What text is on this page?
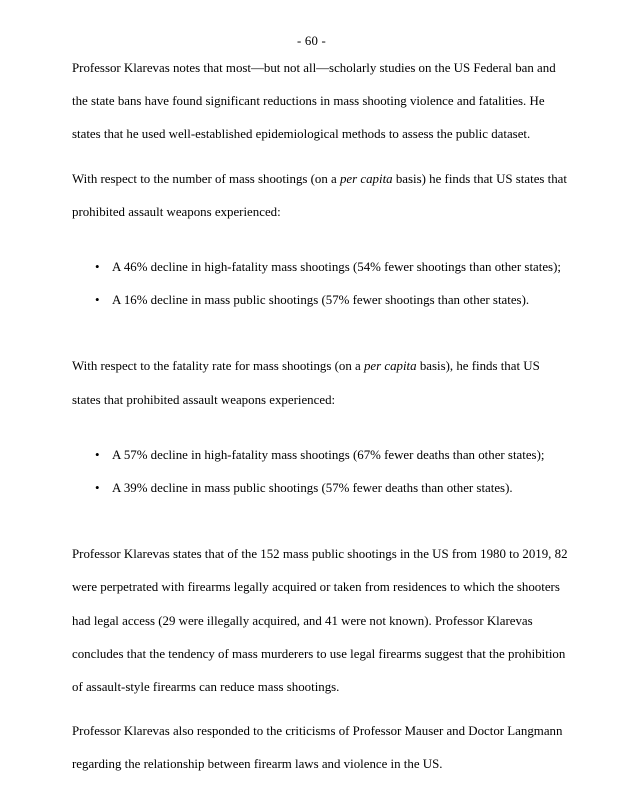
- 60 -

Professor Klarevas notes that most—but not all—scholarly studies on the US Federal ban and the state bans have found significant reductions in mass shooting violence and fatalities. He states that he used well-established epidemiological methods to assess the public dataset.

With respect to the number of mass shootings (on a per capita basis) he finds that US states that prohibited assault weapons experienced:

• A 46% decline in high-fatality mass shootings (54% fewer shootings than other states);
• A 16% decline in mass public shootings (57% fewer shootings than other states).

With respect to the fatality rate for mass shootings (on a per capita basis), he finds that US states that prohibited assault weapons experienced:

• A 57% decline in high-fatality mass shootings (67% fewer deaths than other states);
• A 39% decline in mass public shootings (57% fewer deaths than other states).

Professor Klarevas states that of the 152 mass public shootings in the US from 1980 to 2019, 82 were perpetrated with firearms legally acquired or taken from residences to which the shooters had legal access (29 were illegally acquired, and 41 were not known). Professor Klarevas concludes that the tendency of mass murderers to use legal firearms suggest that the prohibition of assault-style firearms can reduce mass shootings.

Professor Klarevas also responded to the criticisms of Professor Mauser and Doctor Langmann regarding the relationship between firearm laws and violence in the US.
